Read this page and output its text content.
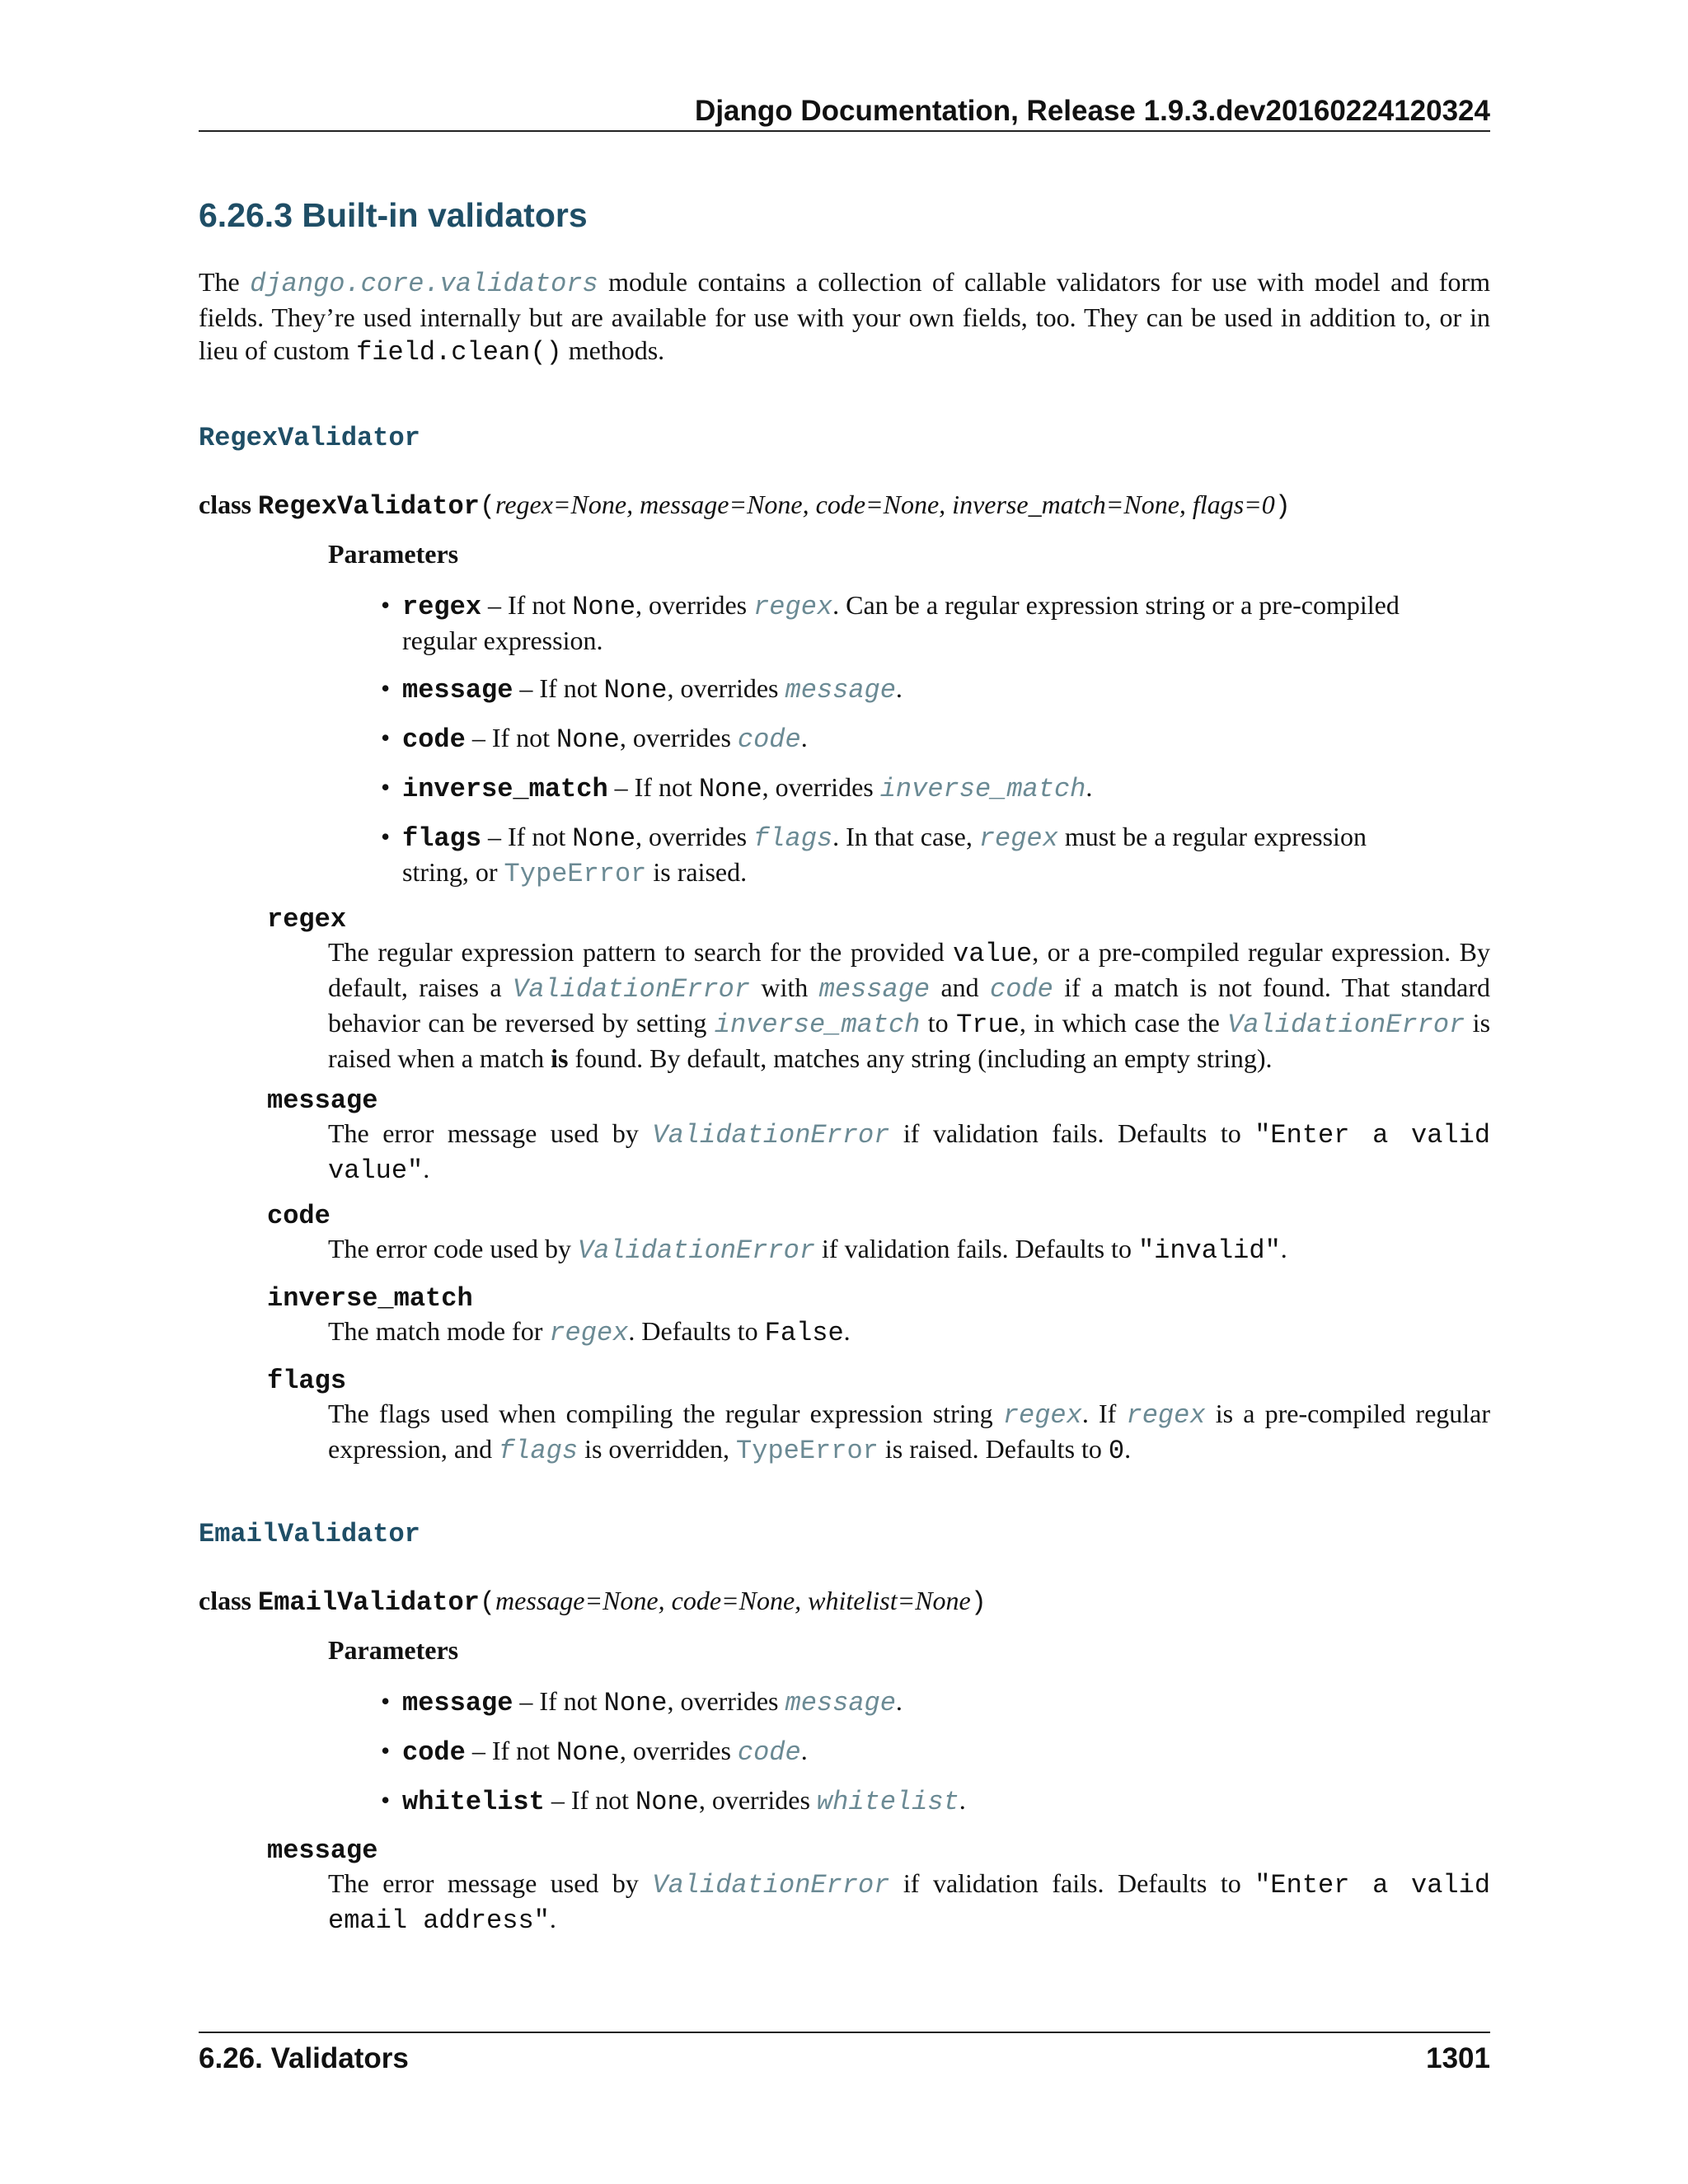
Django Documentation, Release 1.9.3.dev20160224120324
6.26.3 Built-in validators
The django.core.validators module contains a collection of callable validators for use with model and form fields. They’re used internally but are available for use with your own fields, too. They can be used in addition to, or in lieu of custom field.clean() methods.
RegexValidator
class RegexValidator(regex=None, message=None, code=None, inverse_match=None, flags=0)
Parameters
• regex – If not None, overrides regex. Can be a regular expression string or a pre-compiled regular expression.
• message – If not None, overrides message.
• code – If not None, overrides code.
• inverse_match – If not None, overrides inverse_match.
• flags – If not None, overrides flags. In that case, regex must be a regular expression string, or TypeError is raised.
regex
The regular expression pattern to search for the provided value, or a pre-compiled regular expression. By default, raises a ValidationError with message and code if a match is not found. That standard behavior can be reversed by setting inverse_match to True, in which case the ValidationError is raised when a match is found. By default, matches any string (including an empty string).
message
The error message used by ValidationError if validation fails. Defaults to "Enter a valid value".
code
The error code used by ValidationError if validation fails. Defaults to "invalid".
inverse_match
The match mode for regex. Defaults to False.
flags
The flags used when compiling the regular expression string regex. If regex is a pre-compiled regular expression, and flags is overridden, TypeError is raised. Defaults to 0.
EmailValidator
class EmailValidator(message=None, code=None, whitelist=None)
Parameters
• message – If not None, overrides message.
• code – If not None, overrides code.
• whitelist – If not None, overrides whitelist.
message
The error message used by ValidationError if validation fails. Defaults to "Enter a valid email address".
6.26. Validators	1301
